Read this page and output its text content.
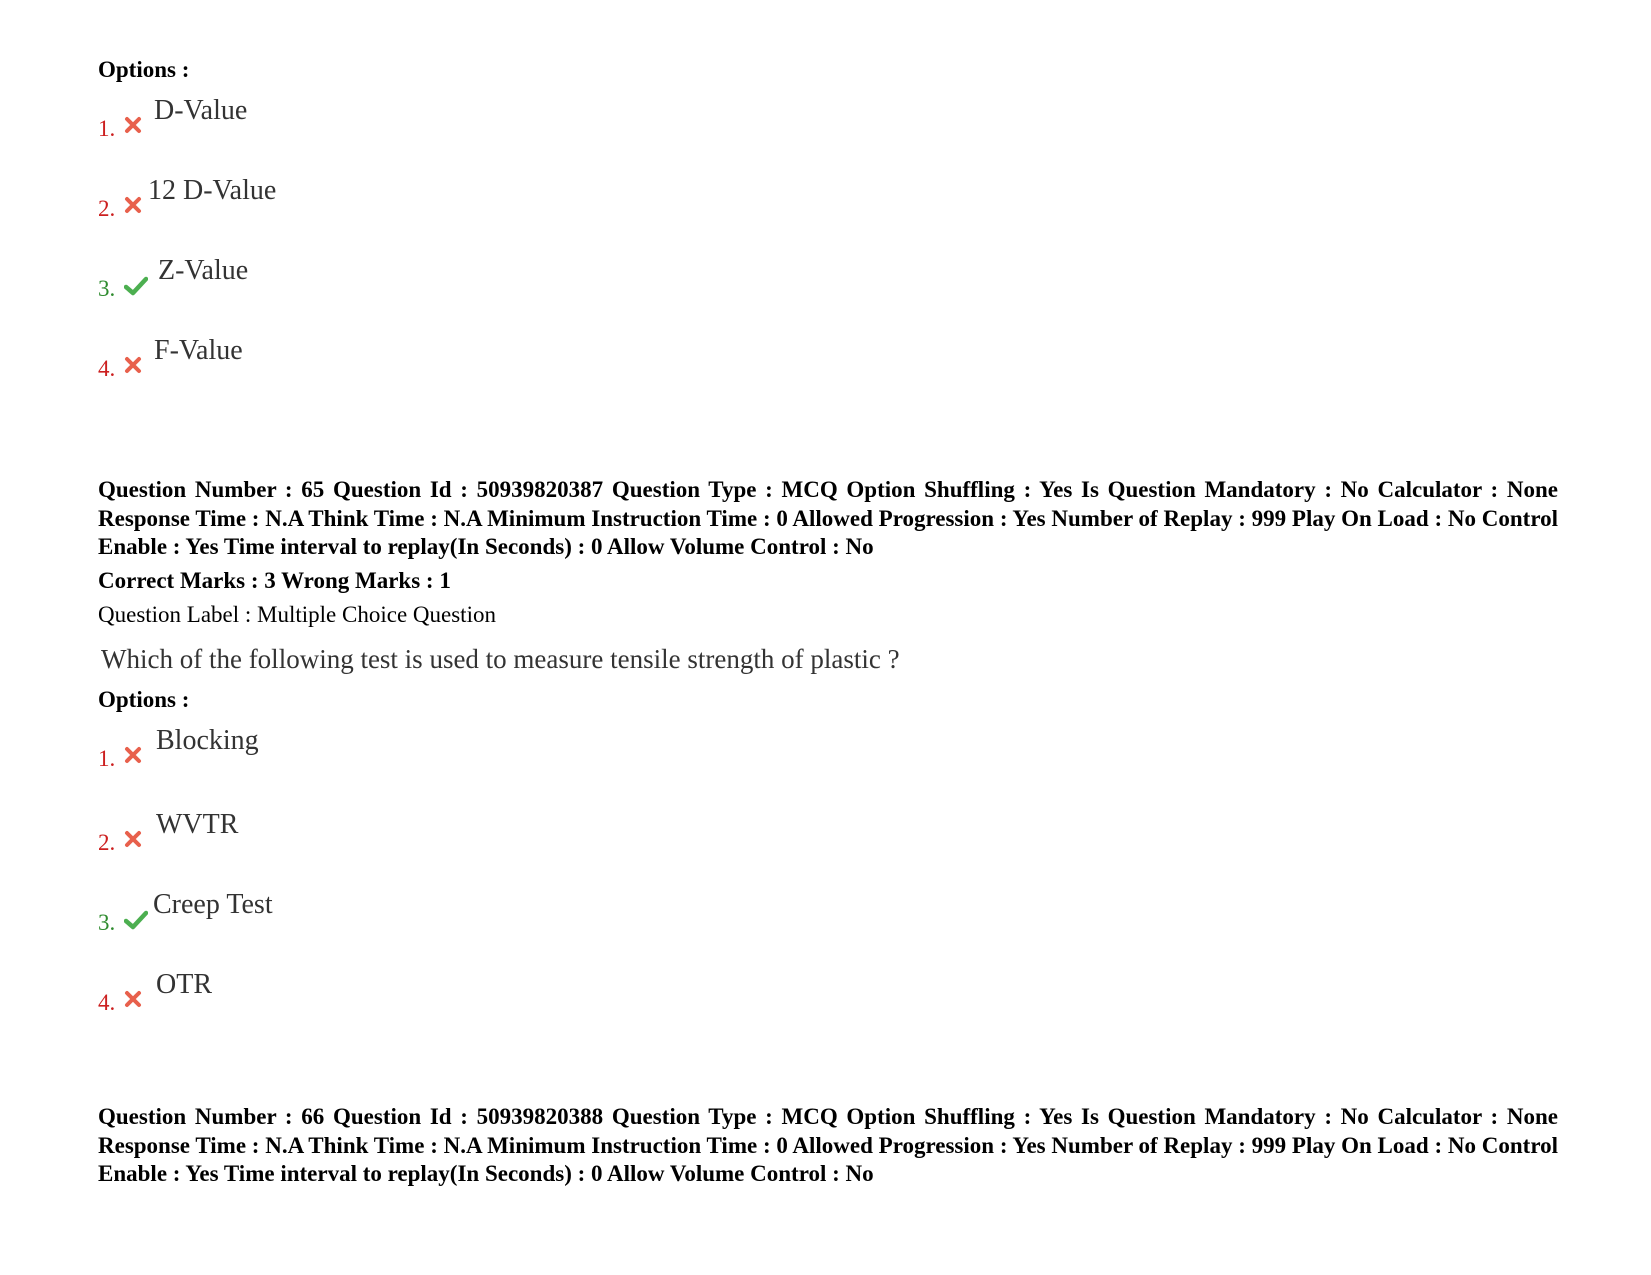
Options :
1.
D-Value
2.
12 D-Value
3.
Z-Value
4.
F-Value
Question Number : 65 Question Id : 50939820387 Question Type : MCQ Option Shuffling : Yes Is Question Mandatory : No Calculator : None Response Time : N.A Think Time : N.A Minimum Instruction Time : 0 Allowed Progression : Yes Number of Replay : 999 Play On Load : No Control Enable : Yes Time interval to replay(In Seconds) : 0 Allow Volume Control : No
Correct Marks : 3 Wrong Marks : 1
Question Label : Multiple Choice Question
Which of the following test is used to measure tensile strength of plastic ?
Options :
1.
Blocking
2.
WVTR
3.
Creep Test
4.
OTR
Question Number : 66 Question Id : 50939820388 Question Type : MCQ Option Shuffling : Yes Is Question Mandatory : No Calculator : None Response Time : N.A Think Time : N.A Minimum Instruction Time : 0 Allowed Progression : Yes Number of Replay : 999 Play On Load : No Control Enable : Yes Time interval to replay(In Seconds) : 0 Allow Volume Control : No
